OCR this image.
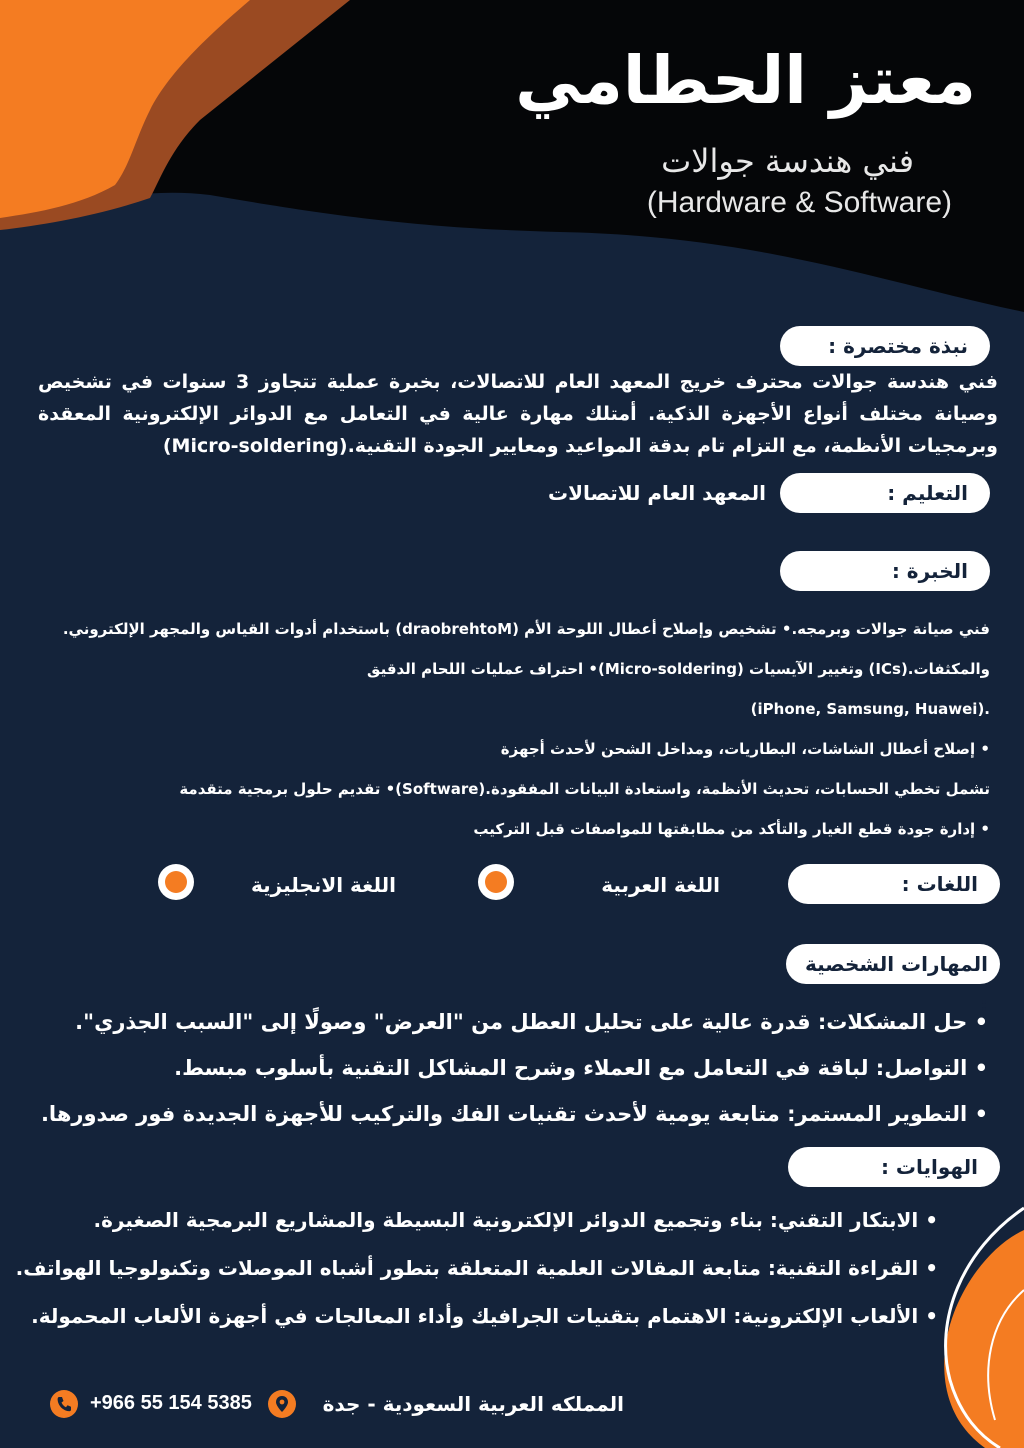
معتز الحطامي
فني هندسة جوالات
(Hardware & Software)
نبذة مختصرة :
فني هندسة جوالات محترف خريج المعهد العام للاتصالات، بخبرة عملية تتجاوز 3 سنوات في تشخيص وصيانة مختلف أنواع الأجهزة الذكية. أمتلك مهارة عالية في التعامل مع الدوائر الإلكترونية المعقدة وبرمجيات الأنظمة، مع التزام تام بدقة المواعيد ومعايير الجودة التقنية.(Micro-soldering)
التعليم :
المعهد العام للاتصالات
الخبرة :
فني صيانة جوالات وبرمجه.• تشخيص وإصلاح أعطال اللوحة الأم (draobrehtoM) باستخدام أدوات القياس والمجهر الإلكتروني.
والمكثفات.(ICs) وتغيير الآيسيات (Micro-soldering)• احتراف عمليات اللحام الدقيق
.(iPhone, Samsung, Huawei)
• إصلاح أعطال الشاشات، البطاريات، ومداخل الشحن لأحدث أجهزة
تشمل تخطي الحسابات، تحديث الأنظمة، واستعادة البيانات المفقودة.(Software)• تقديم حلول برمجية متقدمة
• إدارة جودة قطع الغيار والتأكد من مطابقتها للمواصفات قبل التركيب
اللغات :
اللغة العربية
اللغة الانجليزية
المهارات الشخصية :
• حل المشكلات: قدرة عالية على تحليل العطل من "العرض" وصولًا إلى "السبب الجذري".
• التواصل: لباقة في التعامل مع العملاء وشرح المشاكل التقنية بأسلوب مبسط.
• التطوير المستمر: متابعة يومية لأحدث تقنيات الفك والتركيب للأجهزة الجديدة فور صدورها.
الهوايات :
• الابتكار التقني: بناء وتجميع الدوائر الإلكترونية البسيطة والمشاريع البرمجية الصغيرة.
• القراءة التقنية: متابعة المقالات العلمية المتعلقة بتطور أشباه الموصلات وتكنولوجيا الهواتف.
• الألعاب الإلكترونية: الاهتمام بتقنيات الجرافيك وأداء المعالجات في أجهزة الألعاب المحمولة.
المملكه العربية السعودية - جدة
+966 55 154 5385
